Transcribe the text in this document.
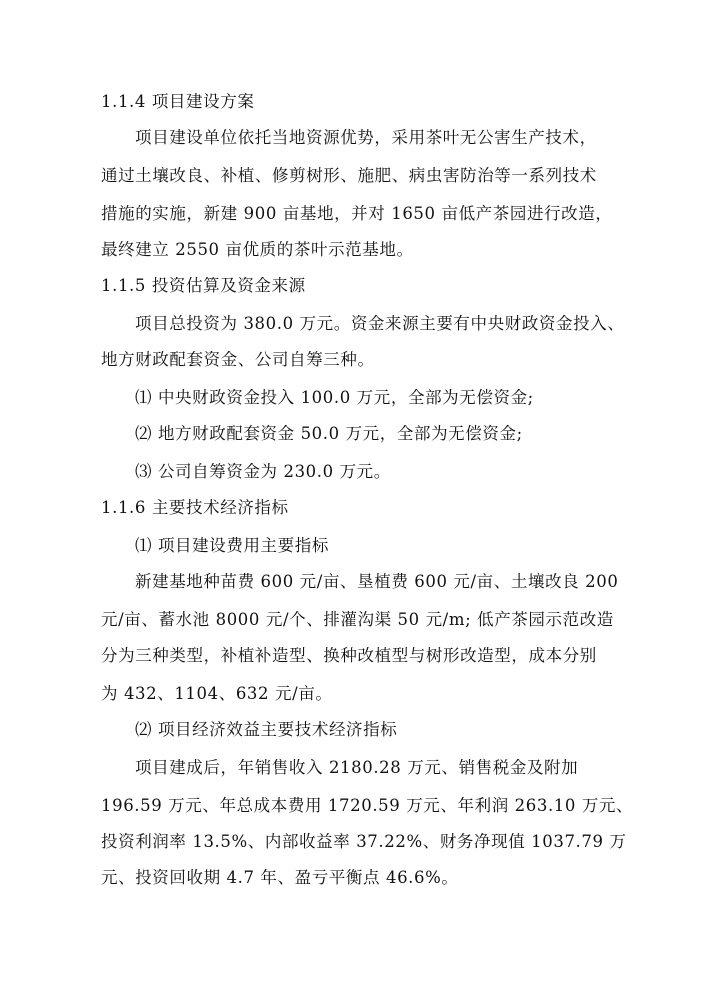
1.1.4 项目建设方案
项目建设单位依托当地资源优势，采用茶叶无公害生产技术，
通过土壤改良、补植、修剪树形、施肥、病虫害防治等一系列技术
措施的实施，新建 900 亩基地，并对 1650 亩低产茶园进行改造，
最终建立 2550 亩优质的茶叶示范基地。
1.1.5 投资估算及资金来源
项目总投资为 380.0 万元。资金来源主要有中央财政资金投入、
地方财政配套资金、公司自筹三种。
⑴ 中央财政资金投入 100.0 万元，全部为无偿资金;
⑵ 地方财政配套资金 50.0 万元，全部为无偿资金;
⑶ 公司自筹资金为 230.0 万元。
1.1.6 主要技术经济指标
⑴ 项目建设费用主要指标
新建基地种苗费 600 元/亩、垦植费 600 元/亩、土壤改良 200
元/亩、蓄水池 8000 元/个、排灌沟渠 50 元/m; 低产茶园示范改造
分为三种类型，补植补造型、换种改植型与树形改造型，成本分别
为 432、1104、632 元/亩。
⑵ 项目经济效益主要技术经济指标
项目建成后，年销售收入 2180.28 万元、销售税金及附加
196.59 万元、年总成本费用 1720.59 万元、年利润 263.10 万元、
投资利润率 13.5%、内部收益率 37.22%、财务净现值 1037.79 万
元、投资回收期 4.7 年、盈亏平衡点 46.6%。
